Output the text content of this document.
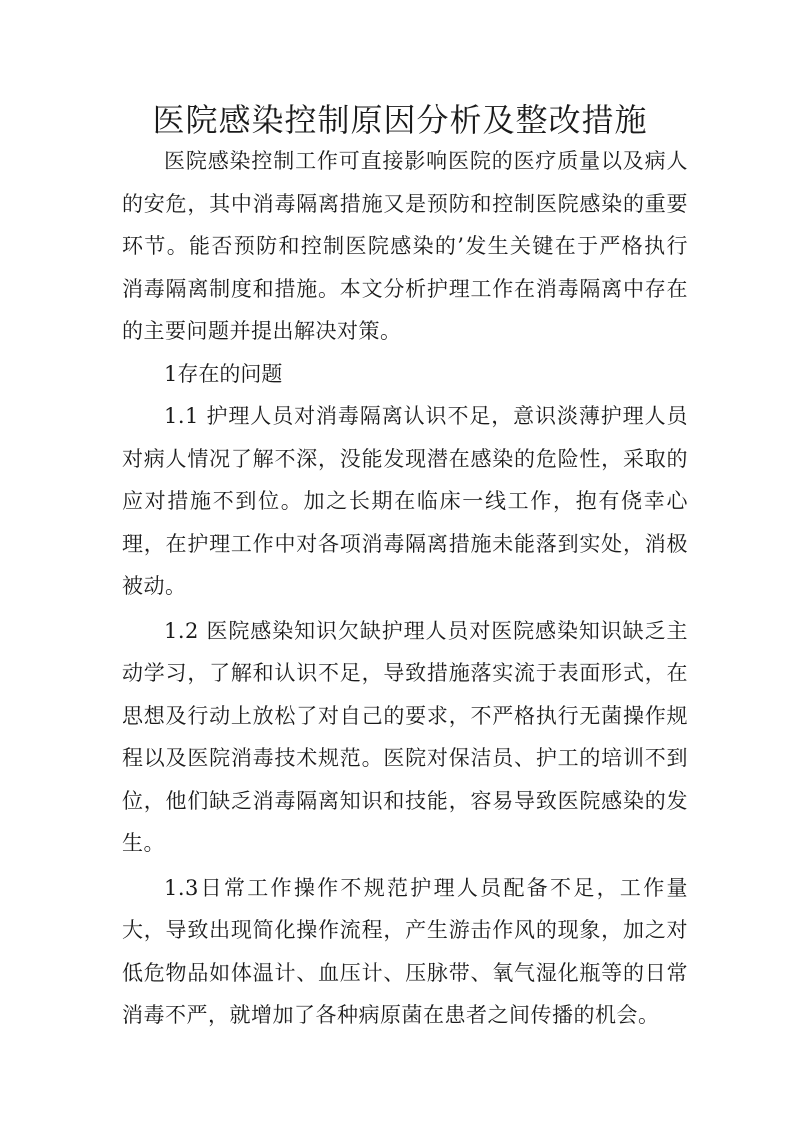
医院感染控制原因分析及整改措施

医院感染控制工作可直接影响医院的医疗质量以及病人的安危，其中消毒隔离措施又是预防和控制医院感染的重要环节。能否预防和控制医院感染的’发生关键在于严格执行消毒隔离制度和措施。本文分析护理工作在消毒隔离中存在的主要问题并提出解决对策。

1存在的问题

1.1 护理人员对消毒隔离认识不足，意识淡薄护理人员对病人情况了解不深，没能发现潜在感染的危险性，采取的应对措施不到位。加之长期在临床一线工作，抱有侥幸心理，在护理工作中对各项消毒隔离措施未能落到实处，消极被动。

1.2 医院感染知识欠缺护理人员对医院感染知识缺乏主动学习，了解和认识不足，导致措施落实流于表面形式，在思想及行动上放松了对自己的要求，不严格执行无菌操作规程以及医院消毒技术规范。医院对保洁员、护工的培训不到位，他们缺乏消毒隔离知识和技能，容易导致医院感染的发生。

1.3日常工作操作不规范护理人员配备不足，工作量大，导致出现简化操作流程，产生游击作风的现象，加之对低危物品如体温计、血压计、压脉带、氧气湿化瓶等的日常消毒不严，就增加了各种病原菌在患者之间传播的机会。
